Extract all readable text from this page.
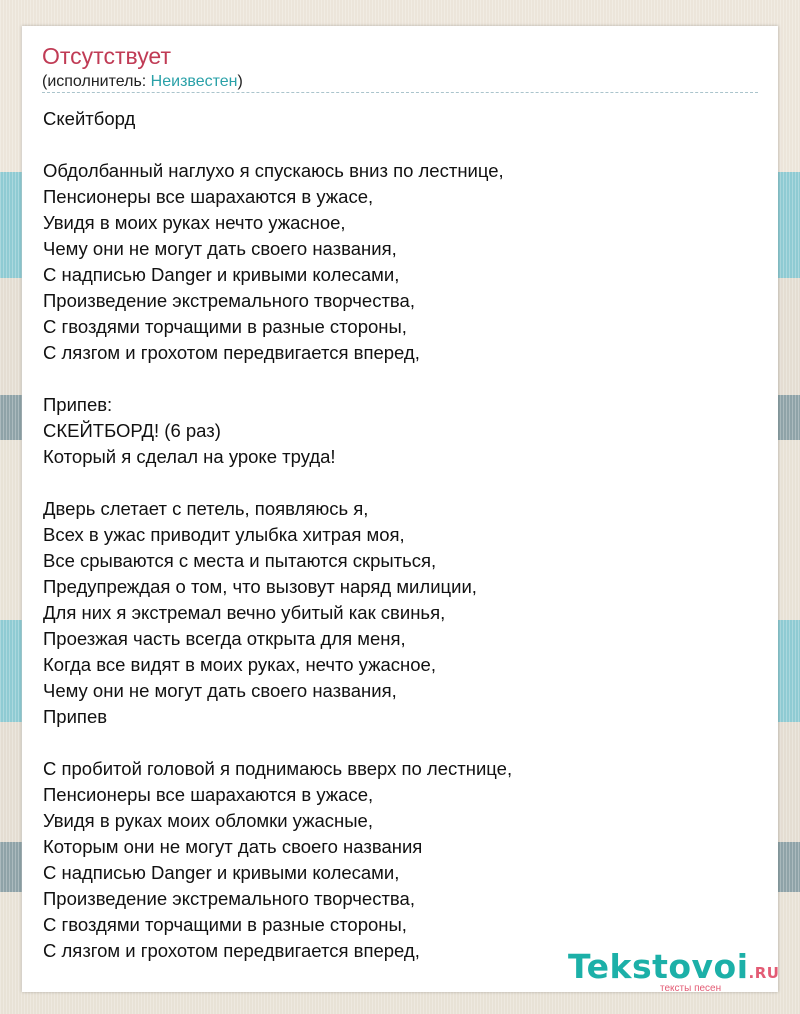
Отсутствует
(исполнитель: Неизвестен)
Скейтборд
Обдолбанный наглухо я спускаюсь вниз по лестнице,
Пенсионеры все шарахаются в ужасе,
Увидя в моих руках нечто ужасное,
Чему они не могут дать своего названия,
С надписью Danger и кривыми колесами,
Произведение экстремального творчества,
С гвоздями торчащими в разные стороны,
С лязгом и грохотом передвигается вперед,
Припев:
СКЕЙТБОРД! (6 раз)
Который я сделал на уроке труда!
Дверь слетает с петель, появляюсь я,
Всех в ужас приводит улыбка хитрая моя,
Все срываются с места и пытаются скрыться,
Предупреждая о том, что вызовут наряд милиции,
Для них я экстремал вечно убитый как свинья,
Проезжая часть всегда открыта для меня,
Когда все видят в моих руках, нечто ужасное,
Чему они не могут дать своего названия,
Припев
С пробитой головой я поднимаюсь вверх по лестнице,
Пенсионеры все шарахаются в ужасе,
Увидя в руках моих обломки ужасные,
Которым они не могут дать своего названия
С надписью Danger и кривыми колесами,
Произведение экстремального творчества,
С гвоздями торчащими в разные стороны,
С лязгом и грохотом передвигается вперед,	Tekstovoi.RU
тексты песен
